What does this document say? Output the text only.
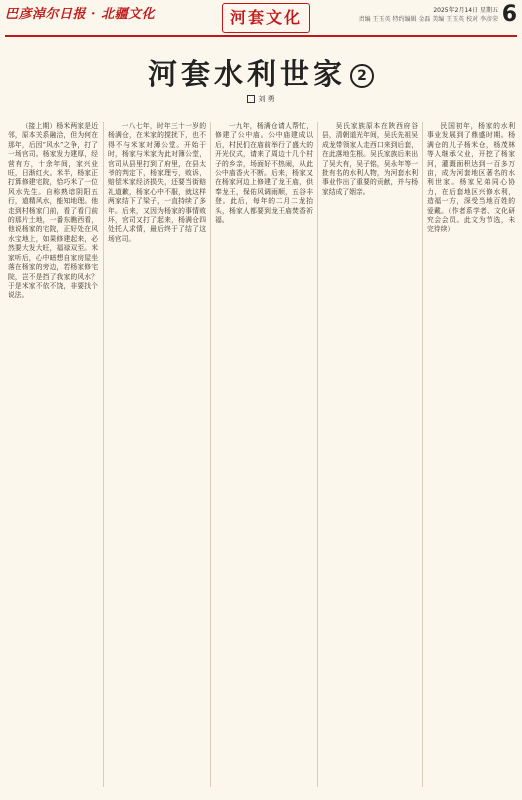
巴彦淖尔日报 · 北疆文化	河套文化	2025年2月14日 星期五
责编 王玉英 特约编辑 金磊 美编 王玉英 校对 李彦荣 6
河套水利世家 2
刘 勇

（接上期）杨米两家是近邻，原本关系融洽，但为何在那年，后因“风水”之争，打了一场官司。杨家发力建厚，经营有方，十余年间，家兴业旺，日渐红火。米半，杨家正打算修建宅院，恰巧米了一位风水先生。自称熟谙阴阳五行，道精风水，能知地理。他走到村杨家门前，看了看门前的那片土地，一番东瞧西看，他说杨家的宅院，正好处在风水宝地上，如果修建起来，必然要大发大旺，福禄双至。米家听后，心中暗想自家房屋坐落在杨家的旁边，若杨家修宅院，岂不是挡了我家的风水？于是米家不依不饶，非要找个说法。

一八七年，时年三十一岁的杨满仓，在米家的搅扰下，也不得不与米家对簿公堂。开始于时，杨家与米家为此对簿公堂，官司从县里打到了府里，在县太爷的判定下，杨家理亏，败诉，赔偿米家经济损失，还要当街赔礼道歉，杨家心中不服，就这样两家结下了梁子，一直持续了多年。后来，又因为杨家的事情败坏，官司又打了起来，杨满仓四处托人求情，最后终于了结了这场官司。

一九年，杨满仓请人帮忙，修建了公中庙。公中庙建成以后，村民们在庙前举行了盛大的开光仪式，请来了周边十几个村子的乡亲，场面好不热闹，从此公中庙香火不断。后来，杨家又在杨家河边上修建了龙王庙，供奉龙王，保佑风调雨顺，五谷丰登。此后，每年的二月二龙抬头，杨家人都要到龙王庙焚香祈福。

吴氏家族原本在陕西府谷县，清朝道光年间，吴氏先祖吴成龙带领家人走西口来到后套，在此落地生根。吴氏家族后来出了吴大有，吴子铭，吴永年等一批有名的水利人物，为河套水利事业作出了重要的贡献，并与杨家结成了姻亲。

民国初年，杨家的水利事业发展到了鼎盛时期。杨满仓的儿子杨米仓，杨茂林等人继承父业，开挖了杨家河，灌溉面积达到一百多万亩，成为河套地区著名的水利世家。杨家兄弟同心协力，在后套地区兴修水利，造福一方，深受当地百姓的爱戴。（作者系学者、文化研究会会员。此文为节选，未完待续）
